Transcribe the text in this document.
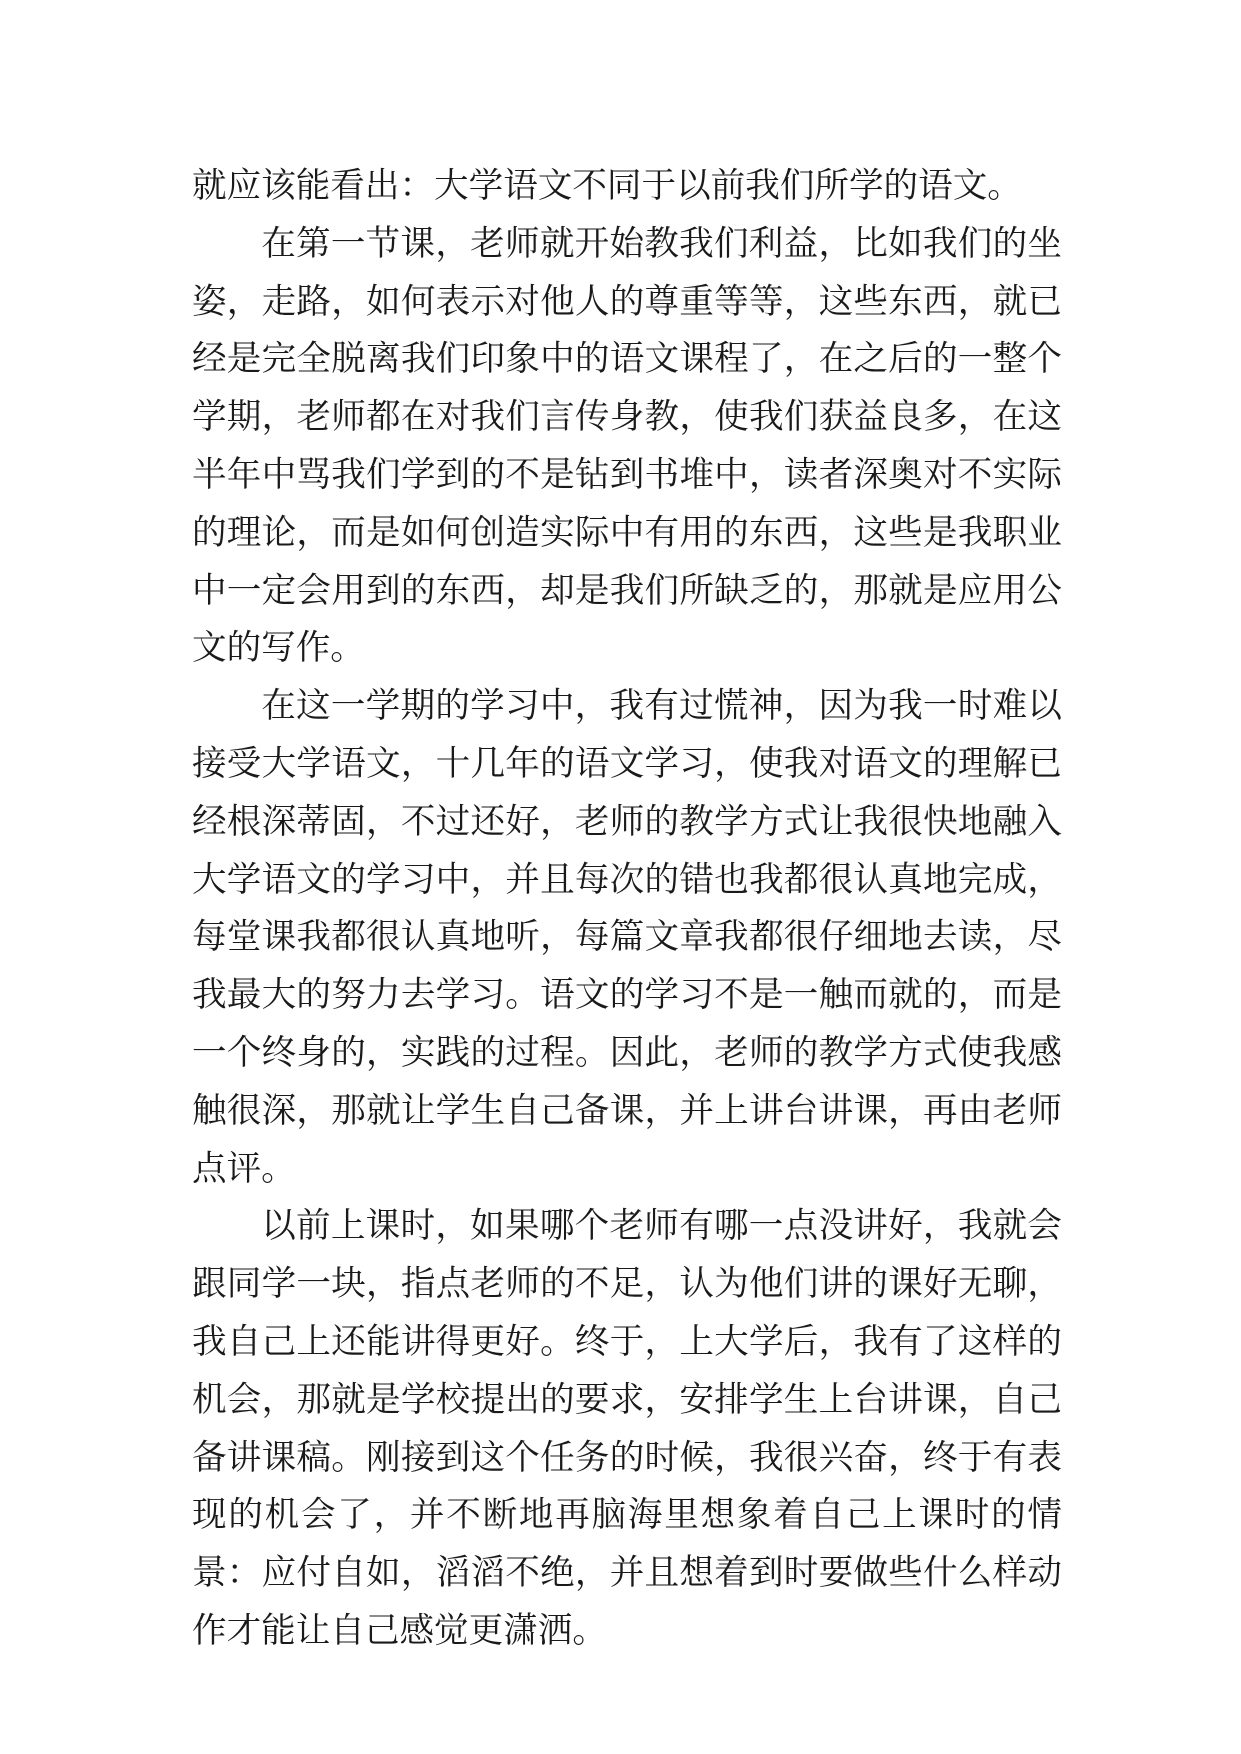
就应该能看出：大学语文不同于以前我们所学的语文。

在第一节课，老师就开始教我们利益，比如我们的坐姿，走路，如何表示对他人的尊重等等，这些东西，就已经是完全脱离我们印象中的语文课程了，在之后的一整个学期，老师都在对我们言传身教，使我们获益良多，在这半年中骂我们学到的不是钻到书堆中，读者深奥对不实际的理论，而是如何创造实际中有用的东西，这些是我职业中一定会用到的东西，却是我们所缺乏的，那就是应用公文的写作。

在这一学期的学习中，我有过慌神，因为我一时难以接受大学语文，十几年的语文学习，使我对语文的理解已经根深蒂固，不过还好，老师的教学方式让我很快地融入大学语文的学习中，并且每次的错也我都很认真地完成，每堂课我都很认真地听，每篇文章我都很仔细地去读，尽我最大的努力去学习。语文的学习不是一触而就的，而是一个终身的，实践的过程。因此，老师的教学方式使我感触很深，那就让学生自己备课，并上讲台讲课，再由老师点评。

以前上课时，如果哪个老师有哪一点没讲好，我就会跟同学一块，指点老师的不足，认为他们讲的课好无聊，我自己上还能讲得更好。终于，上大学后，我有了这样的机会，那就是学校提出的要求，安排学生上台讲课，自己备讲课稿。刚接到这个任务的时候，我很兴奋，终于有表现的机会了，并不断地再脑海里想象着自己上课时的情景：应付自如，滔滔不绝，并且想着到时要做些什么样动作才能让自己感觉更潇洒。
